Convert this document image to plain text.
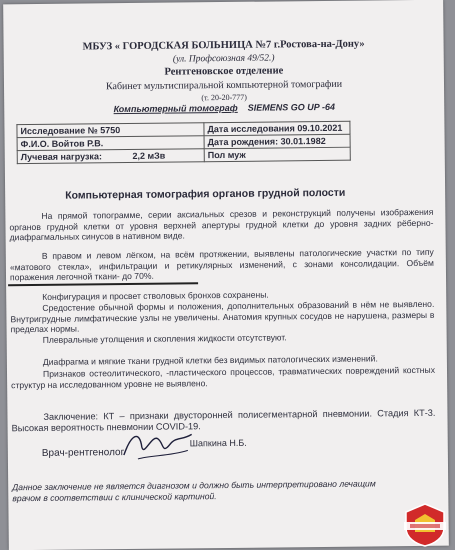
МБУЗ « ГОРОДСКАЯ БОЛЬНИЦА №7 г.Ростова-на-Дону»
(ул. Профсоюзная 49/52.)
Рентгеновское отделение
Кабинет мультиспиральной компьютерной томографии
(т. 20-20-777)
Компьютерный томограф SIEMENS GO UP -64
Исследование № 5750	Дата исследования 09.10.2021
Ф.И.О. Войтов Р.В.	Дата рождения: 30.01.1982
Лучевая нагрузка: 2,2 мЗв	Пол муж
Компьютерная томография органов грудной полости
На прямой топограмме, серии аксиальных срезов и реконструкций получены изображения органов грудной клетки от уровня верхней апертуры грудной клетки до уровня задних рёберно-диафрагмальных синусов в нативном виде.
В правом и левом лёгком, на всём протяжении, выявлены патологические участки по типу «матового стекла», инфильтрации и ретикулярных изменений, с зонами консолидации. Объём поражения легочной ткани- до 70%.
Конфигурация и просвет стволовых бронхов сохранены.
Средостение обычной формы и положения, дополнительных образований в нём не выявлено. Внутригрудные лимфатические узлы не увеличены. Анатомия крупных сосудов не нарушена, размеры в пределах нормы.
Плевральные утолщения и скопления жидкости отсутствуют.
Диафрагма и мягкие ткани грудной клетки без видимых патологических изменений.
Признаков остеолитического, -пластического процессов, травматических повреждений костных структур на исследованном уровне не выявлено.
Заключение: КТ – признаки двусторонней полисегментарной пневмонии. Стадия КТ-3. Высокая вероятность пневмонии COVID-19.
Врач-рентгенолог
Шапкина Н.Б.
Данное заключение не является диагнозом и должно быть интерпретировано лечащим врачом в соответствии с клинической картиной.
